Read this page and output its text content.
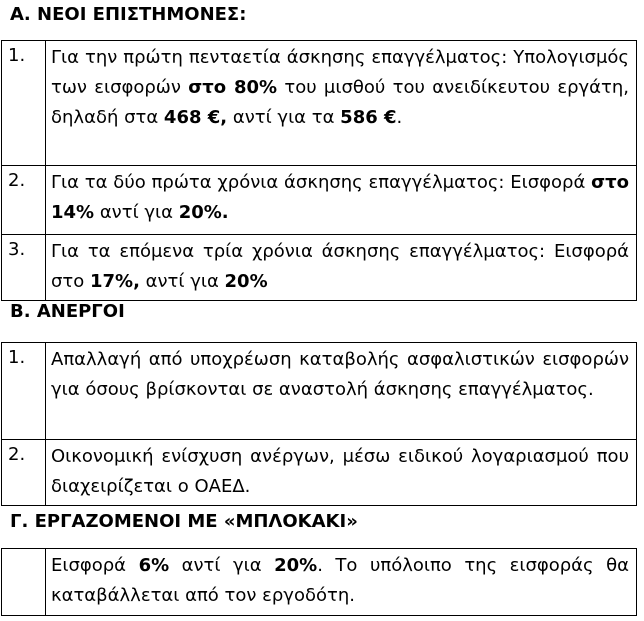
Α. ΝΕΟΙ ΕΠΙΣΤΗΜΟΝΕΣ:
1.	Για την πρώτη πενταετία άσκησης επαγγέλματος: Υπολογισμός των εισφορών στο 80% του μισθού του ανειδίκευτου εργάτη, δηλαδή στα 468 €, αντί για τα 586 €.
2.	Για τα δύο πρώτα χρόνια άσκησης επαγγέλματος: Εισφορά στο 14% αντί για 20%.
3.	Για τα επόμενα τρία χρόνια άσκησης επαγγέλματος: Εισφορά στο 17%, αντί για 20%
Β. ΑΝΕΡΓΟΙ
1.	Απαλλαγή από υποχρέωση καταβολής ασφαλιστικών εισφορών για όσους βρίσκονται σε αναστολή άσκησης επαγγέλματος.
2.	Οικονομική ενίσχυση ανέργων, μέσω ειδικού λογαριασμού που διαχειρίζεται ο ΟΑΕΔ.
Γ. ΕΡΓΑΖΟΜΕΝΟΙ ΜΕ «ΜΠΛΟΚΑΚΙ»
	Εισφορά 6% αντί για 20%. Το υπόλοιπο της εισφοράς θα καταβάλλεται από τον εργοδότη.
